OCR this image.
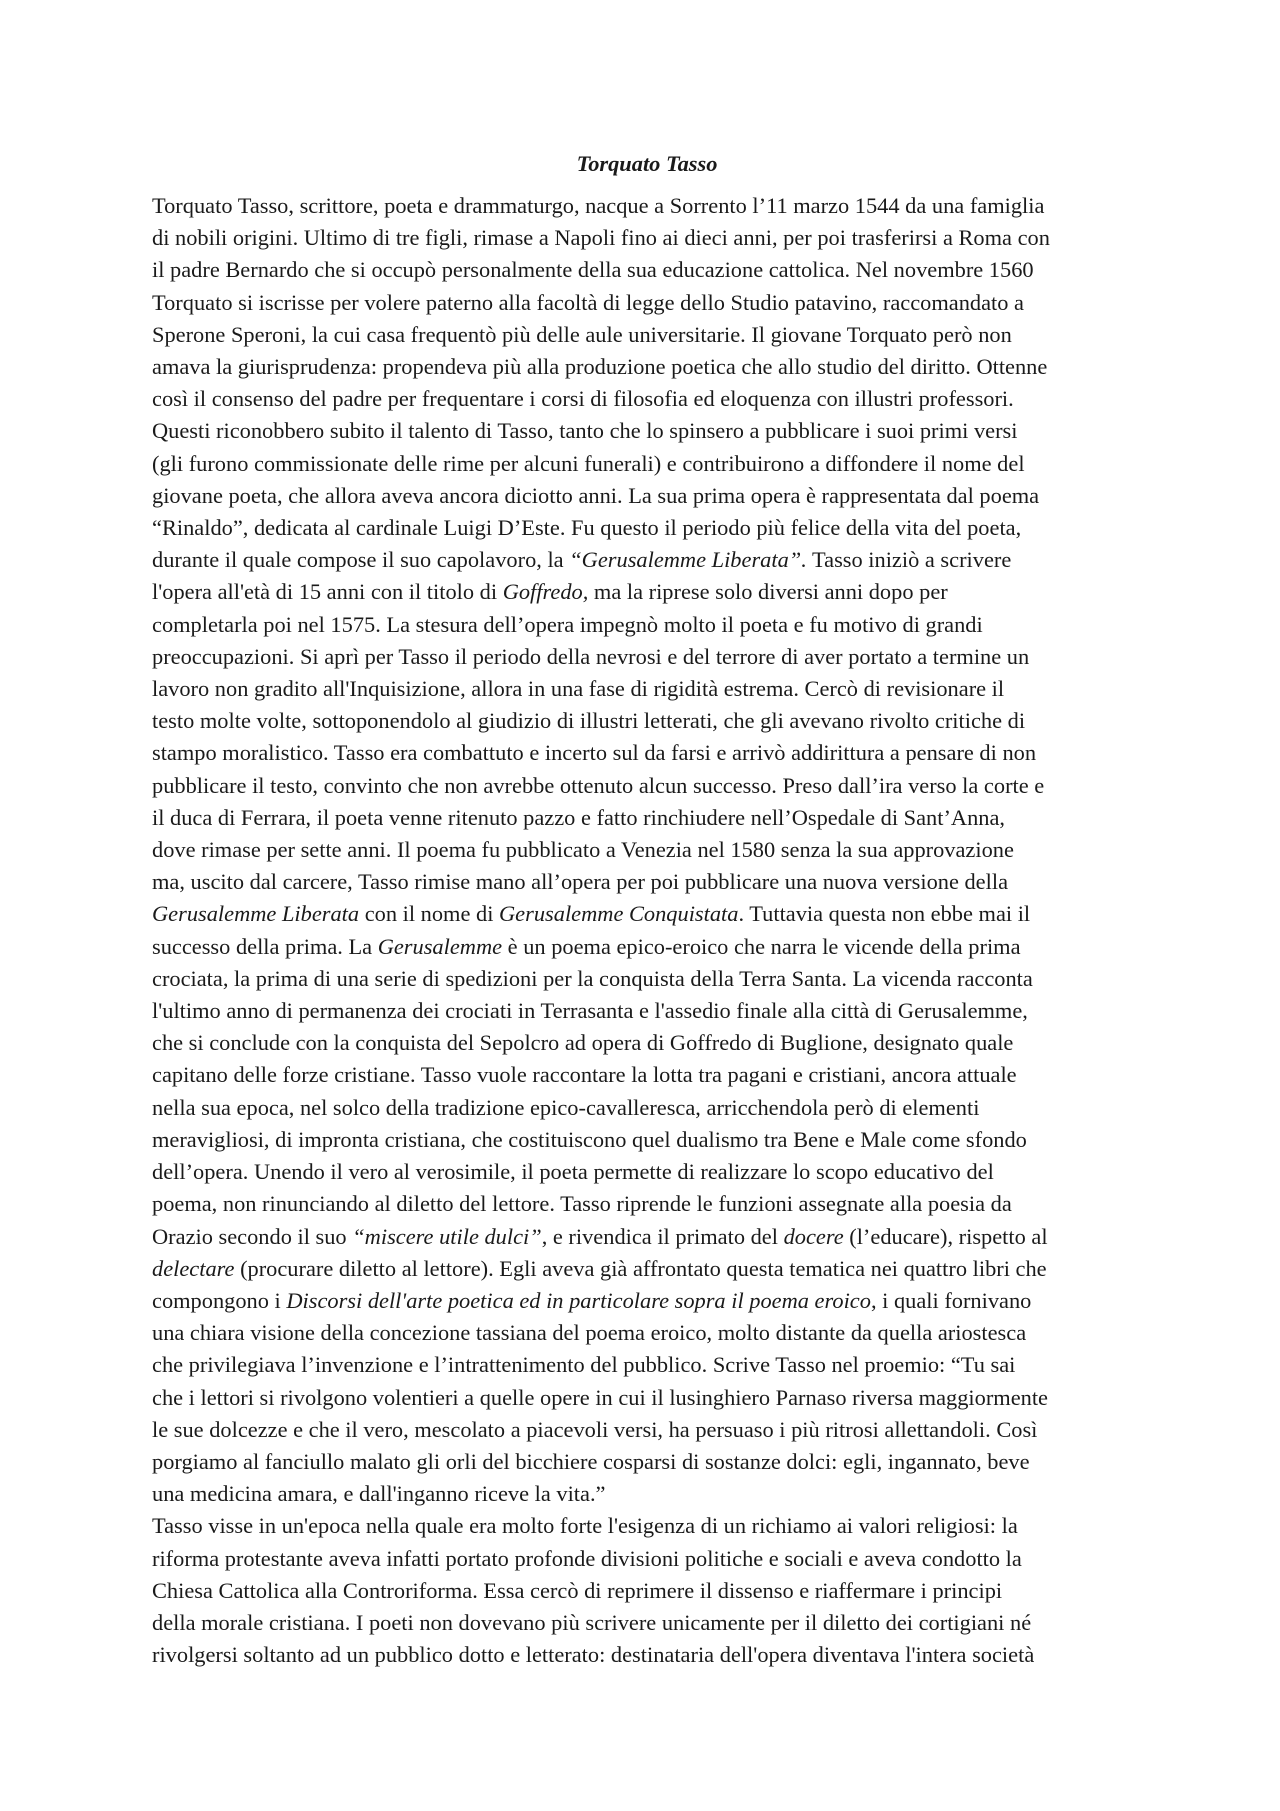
Torquato Tasso
Torquato Tasso, scrittore, poeta e drammaturgo, nacque a Sorrento l’11 marzo 1544 da una famiglia
di nobili origini. Ultimo di tre figli, rimase a Napoli fino ai dieci anni, per poi trasferirsi a Roma con
il padre Bernardo che si occupò personalmente della sua educazione cattolica. Nel novembre 1560
Torquato si iscrisse per volere paterno alla facoltà di legge dello Studio patavino, raccomandato a
Sperone Speroni, la cui casa frequentò più delle aule universitarie. Il giovane Torquato però non
amava la giurisprudenza: propendeva più alla produzione poetica che allo studio del diritto. Ottenne
così il consenso del padre per frequentare i corsi di filosofia ed eloquenza con illustri professori.
Questi riconobbero subito il talento di Tasso, tanto che lo spinsero a pubblicare i suoi primi versi
(gli furono commissionate delle rime per alcuni funerali) e contribuirono a diffondere il nome del
giovane poeta, che allora aveva ancora diciotto anni. La sua prima opera è rappresentata dal poema
“Rinaldo”, dedicata al cardinale Luigi D’Este. Fu questo il periodo più felice della vita del poeta,
durante il quale compose il suo capolavoro, la “Gerusalemme Liberata”. Tasso iniziò a scrivere
l'opera all'età di 15 anni con il titolo di Goffredo, ma la riprese solo diversi anni dopo per
completarla poi nel 1575. La stesura dell’opera impegnò molto il poeta e fu motivo di grandi
preoccupazioni. Si aprì per Tasso il periodo della nevrosi e del terrore di aver portato a termine un
lavoro non gradito all'Inquisizione, allora in una fase di rigidità estrema. Cercò di revisionare il
testo molte volte, sottoponendolo al giudizio di illustri letterati, che gli avevano rivolto critiche di
stampo moralistico. Tasso era combattuto e incerto sul da farsi e arrivò addirittura a pensare di non
pubblicare il testo, convinto che non avrebbe ottenuto alcun successo. Preso dall’ira verso la corte e
il duca di Ferrara, il poeta venne ritenuto pazzo e fatto rinchiudere nell’Ospedale di Sant’Anna,
dove rimase per sette anni. Il poema fu pubblicato a Venezia nel 1580 senza la sua approvazione
ma, uscito dal carcere, Tasso rimise mano all’opera per poi pubblicare una nuova versione della
Gerusalemme Liberata con il nome di Gerusalemme Conquistata. Tuttavia questa non ebbe mai il
successo della prima. La Gerusalemme è un poema epico-eroico che narra le vicende della prima
crociata, la prima di una serie di spedizioni per la conquista della Terra Santa. La vicenda racconta
l'ultimo anno di permanenza dei crociati in Terrasanta e l'assedio finale alla città di Gerusalemme,
che si conclude con la conquista del Sepolcro ad opera di Goffredo di Buglione, designato quale
capitano delle forze cristiane. Tasso vuole raccontare la lotta tra pagani e cristiani, ancora attuale
nella sua epoca, nel solco della tradizione epico-cavalleresca, arricchendola però di elementi
meravigliosi, di impronta cristiana, che costituiscono quel dualismo tra Bene e Male come sfondo
dell’opera. Unendo il vero al verosimile, il poeta permette di realizzare lo scopo educativo del
poema, non rinunciando al diletto del lettore. Tasso riprende le funzioni assegnate alla poesia da
Orazio secondo il suo “miscere utile dulci”, e rivendica il primato del docere (l’educare), rispetto al
delectare (procurare diletto al lettore). Egli aveva già affrontato questa tematica nei quattro libri che
compongono i Discorsi dell'arte poetica ed in particolare sopra il poema eroico, i quali fornivano
una chiara visione della concezione tassiana del poema eroico, molto distante da quella ariostesca
che privilegiava l’invenzione e l’intrattenimento del pubblico. Scrive Tasso nel proemio: “Tu sai
che i lettori si rivolgono volentieri a quelle opere in cui il lusinghiero Parnaso riversa maggiormente
le sue dolcezze e che il vero, mescolato a piacevoli versi, ha persuaso i più ritrosi allettandoli. Così
porgiamo al fanciullo malato gli orli del bicchiere cosparsi di sostanze dolci: egli, ingannato, beve
una medicina amara, e dall'inganno riceve la vita.”
Tasso visse in un'epoca nella quale era molto forte l'esigenza di un richiamo ai valori religiosi: la
riforma protestante aveva infatti portato profonde divisioni politiche e sociali e aveva condotto la
Chiesa Cattolica alla Controriforma. Essa cercò di reprimere il dissenso e riaffermare i principi
della morale cristiana. I poeti non dovevano più scrivere unicamente per il diletto dei cortigiani né
rivolgersi soltanto ad un pubblico dotto e letterato: destinataria dell'opera diventava l'intera società
